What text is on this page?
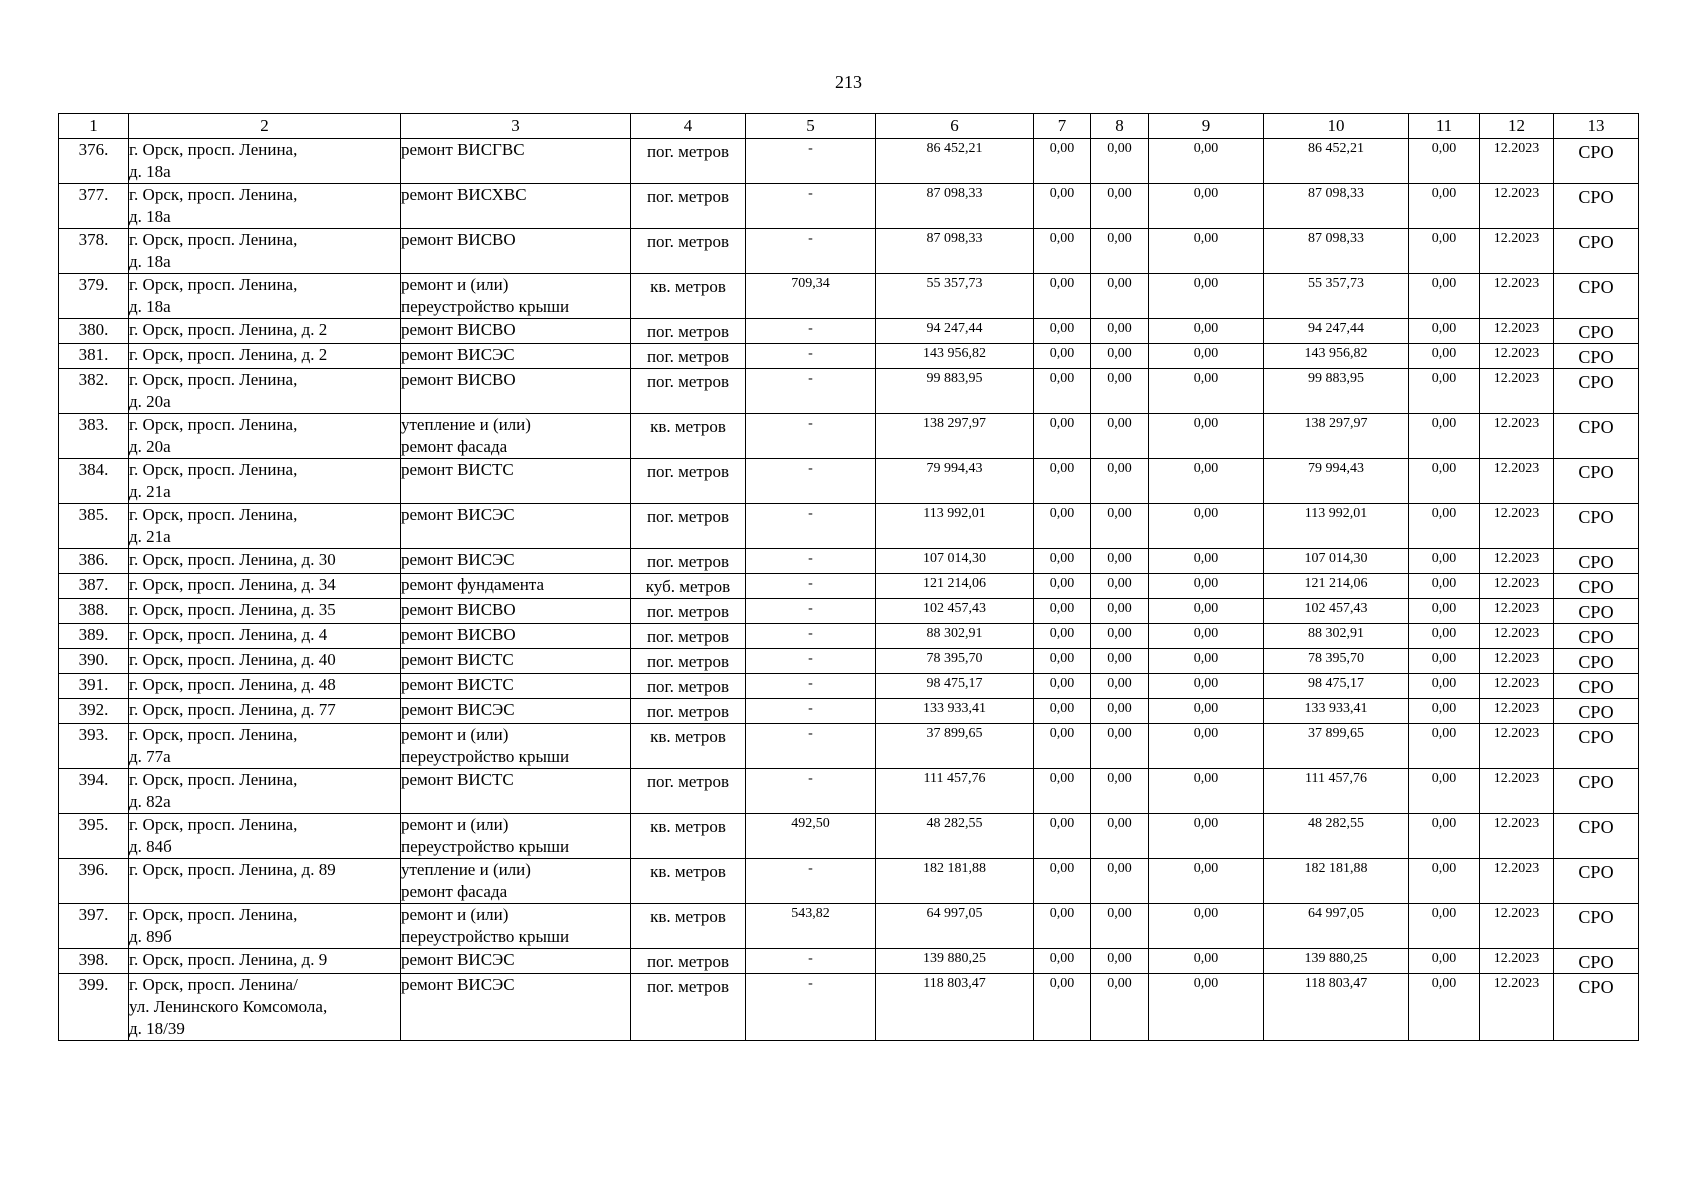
213
1	2	3	4	5	6	7	8	9	10	11	12	13
376.	г. Орск, просп. Ленина,
д. 18а	ремонт ВИСГВС	пог. метров	-	86 452,21	0,00	0,00	0,00	86 452,21	0,00	12.2023	СРО
377.	г. Орск, просп. Ленина,
д. 18а	ремонт ВИСХВС	пог. метров	-	87 098,33	0,00	0,00	0,00	87 098,33	0,00	12.2023	СРО
378.	г. Орск, просп. Ленина,
д. 18а	ремонт ВИСВО	пог. метров	-	87 098,33	0,00	0,00	0,00	87 098,33	0,00	12.2023	СРО
379.	г. Орск, просп. Ленина,
д. 18а	ремонт и (или)
переустройство крыши	кв. метров	709,34	55 357,73	0,00	0,00	0,00	55 357,73	0,00	12.2023	СРО
380.	г. Орск, просп. Ленина, д. 2	ремонт ВИСВО	пог. метров	-	94 247,44	0,00	0,00	0,00	94 247,44	0,00	12.2023	СРО
381.	г. Орск, просп. Ленина, д. 2	ремонт ВИСЭС	пог. метров	-	143 956,82	0,00	0,00	0,00	143 956,82	0,00	12.2023	СРО
382.	г. Орск, просп. Ленина,
д. 20а	ремонт ВИСВО	пог. метров	-	99 883,95	0,00	0,00	0,00	99 883,95	0,00	12.2023	СРО
383.	г. Орск, просп. Ленина,
д. 20а	утепление и (или)
ремонт фасада	кв. метров	-	138 297,97	0,00	0,00	0,00	138 297,97	0,00	12.2023	СРО
384.	г. Орск, просп. Ленина,
д. 21а	ремонт ВИСТС	пог. метров	-	79 994,43	0,00	0,00	0,00	79 994,43	0,00	12.2023	СРО
385.	г. Орск, просп. Ленина,
д. 21а	ремонт ВИСЭС	пог. метров	-	113 992,01	0,00	0,00	0,00	113 992,01	0,00	12.2023	СРО
386.	г. Орск, просп. Ленина, д. 30	ремонт ВИСЭС	пог. метров	-	107 014,30	0,00	0,00	0,00	107 014,30	0,00	12.2023	СРО
387.	г. Орск, просп. Ленина, д. 34	ремонт фундамента	куб. метров	-	121 214,06	0,00	0,00	0,00	121 214,06	0,00	12.2023	СРО
388.	г. Орск, просп. Ленина, д. 35	ремонт ВИСВО	пог. метров	-	102 457,43	0,00	0,00	0,00	102 457,43	0,00	12.2023	СРО
389.	г. Орск, просп. Ленина, д. 4	ремонт ВИСВО	пог. метров	-	88 302,91	0,00	0,00	0,00	88 302,91	0,00	12.2023	СРО
390.	г. Орск, просп. Ленина, д. 40	ремонт ВИСТС	пог. метров	-	78 395,70	0,00	0,00	0,00	78 395,70	0,00	12.2023	СРО
391.	г. Орск, просп. Ленина, д. 48	ремонт ВИСТС	пог. метров	-	98 475,17	0,00	0,00	0,00	98 475,17	0,00	12.2023	СРО
392.	г. Орск, просп. Ленина, д. 77	ремонт ВИСЭС	пог. метров	-	133 933,41	0,00	0,00	0,00	133 933,41	0,00	12.2023	СРО
393.	г. Орск, просп. Ленина,
д. 77а	ремонт и (или)
переустройство крыши	кв. метров	-	37 899,65	0,00	0,00	0,00	37 899,65	0,00	12.2023	СРО
394.	г. Орск, просп. Ленина,
д. 82а	ремонт ВИСТС	пог. метров	-	111 457,76	0,00	0,00	0,00	111 457,76	0,00	12.2023	СРО
395.	г. Орск, просп. Ленина,
д. 84б	ремонт и (или)
переустройство крыши	кв. метров	492,50	48 282,55	0,00	0,00	0,00	48 282,55	0,00	12.2023	СРО
396.	г. Орск, просп. Ленина, д. 89	утепление и (или)
ремонт фасада	кв. метров	-	182 181,88	0,00	0,00	0,00	182 181,88	0,00	12.2023	СРО
397.	г. Орск, просп. Ленина,
д. 89б	ремонт и (или)
переустройство крыши	кв. метров	543,82	64 997,05	0,00	0,00	0,00	64 997,05	0,00	12.2023	СРО
398.	г. Орск, просп. Ленина, д. 9	ремонт ВИСЭС	пог. метров	-	139 880,25	0,00	0,00	0,00	139 880,25	0,00	12.2023	СРО
399.	г. Орск, просп. Ленина/
ул. Ленинского Комсомола,
д. 18/39	ремонт ВИСЭС	пог. метров	-	118 803,47	0,00	0,00	0,00	118 803,47	0,00	12.2023	СРО
